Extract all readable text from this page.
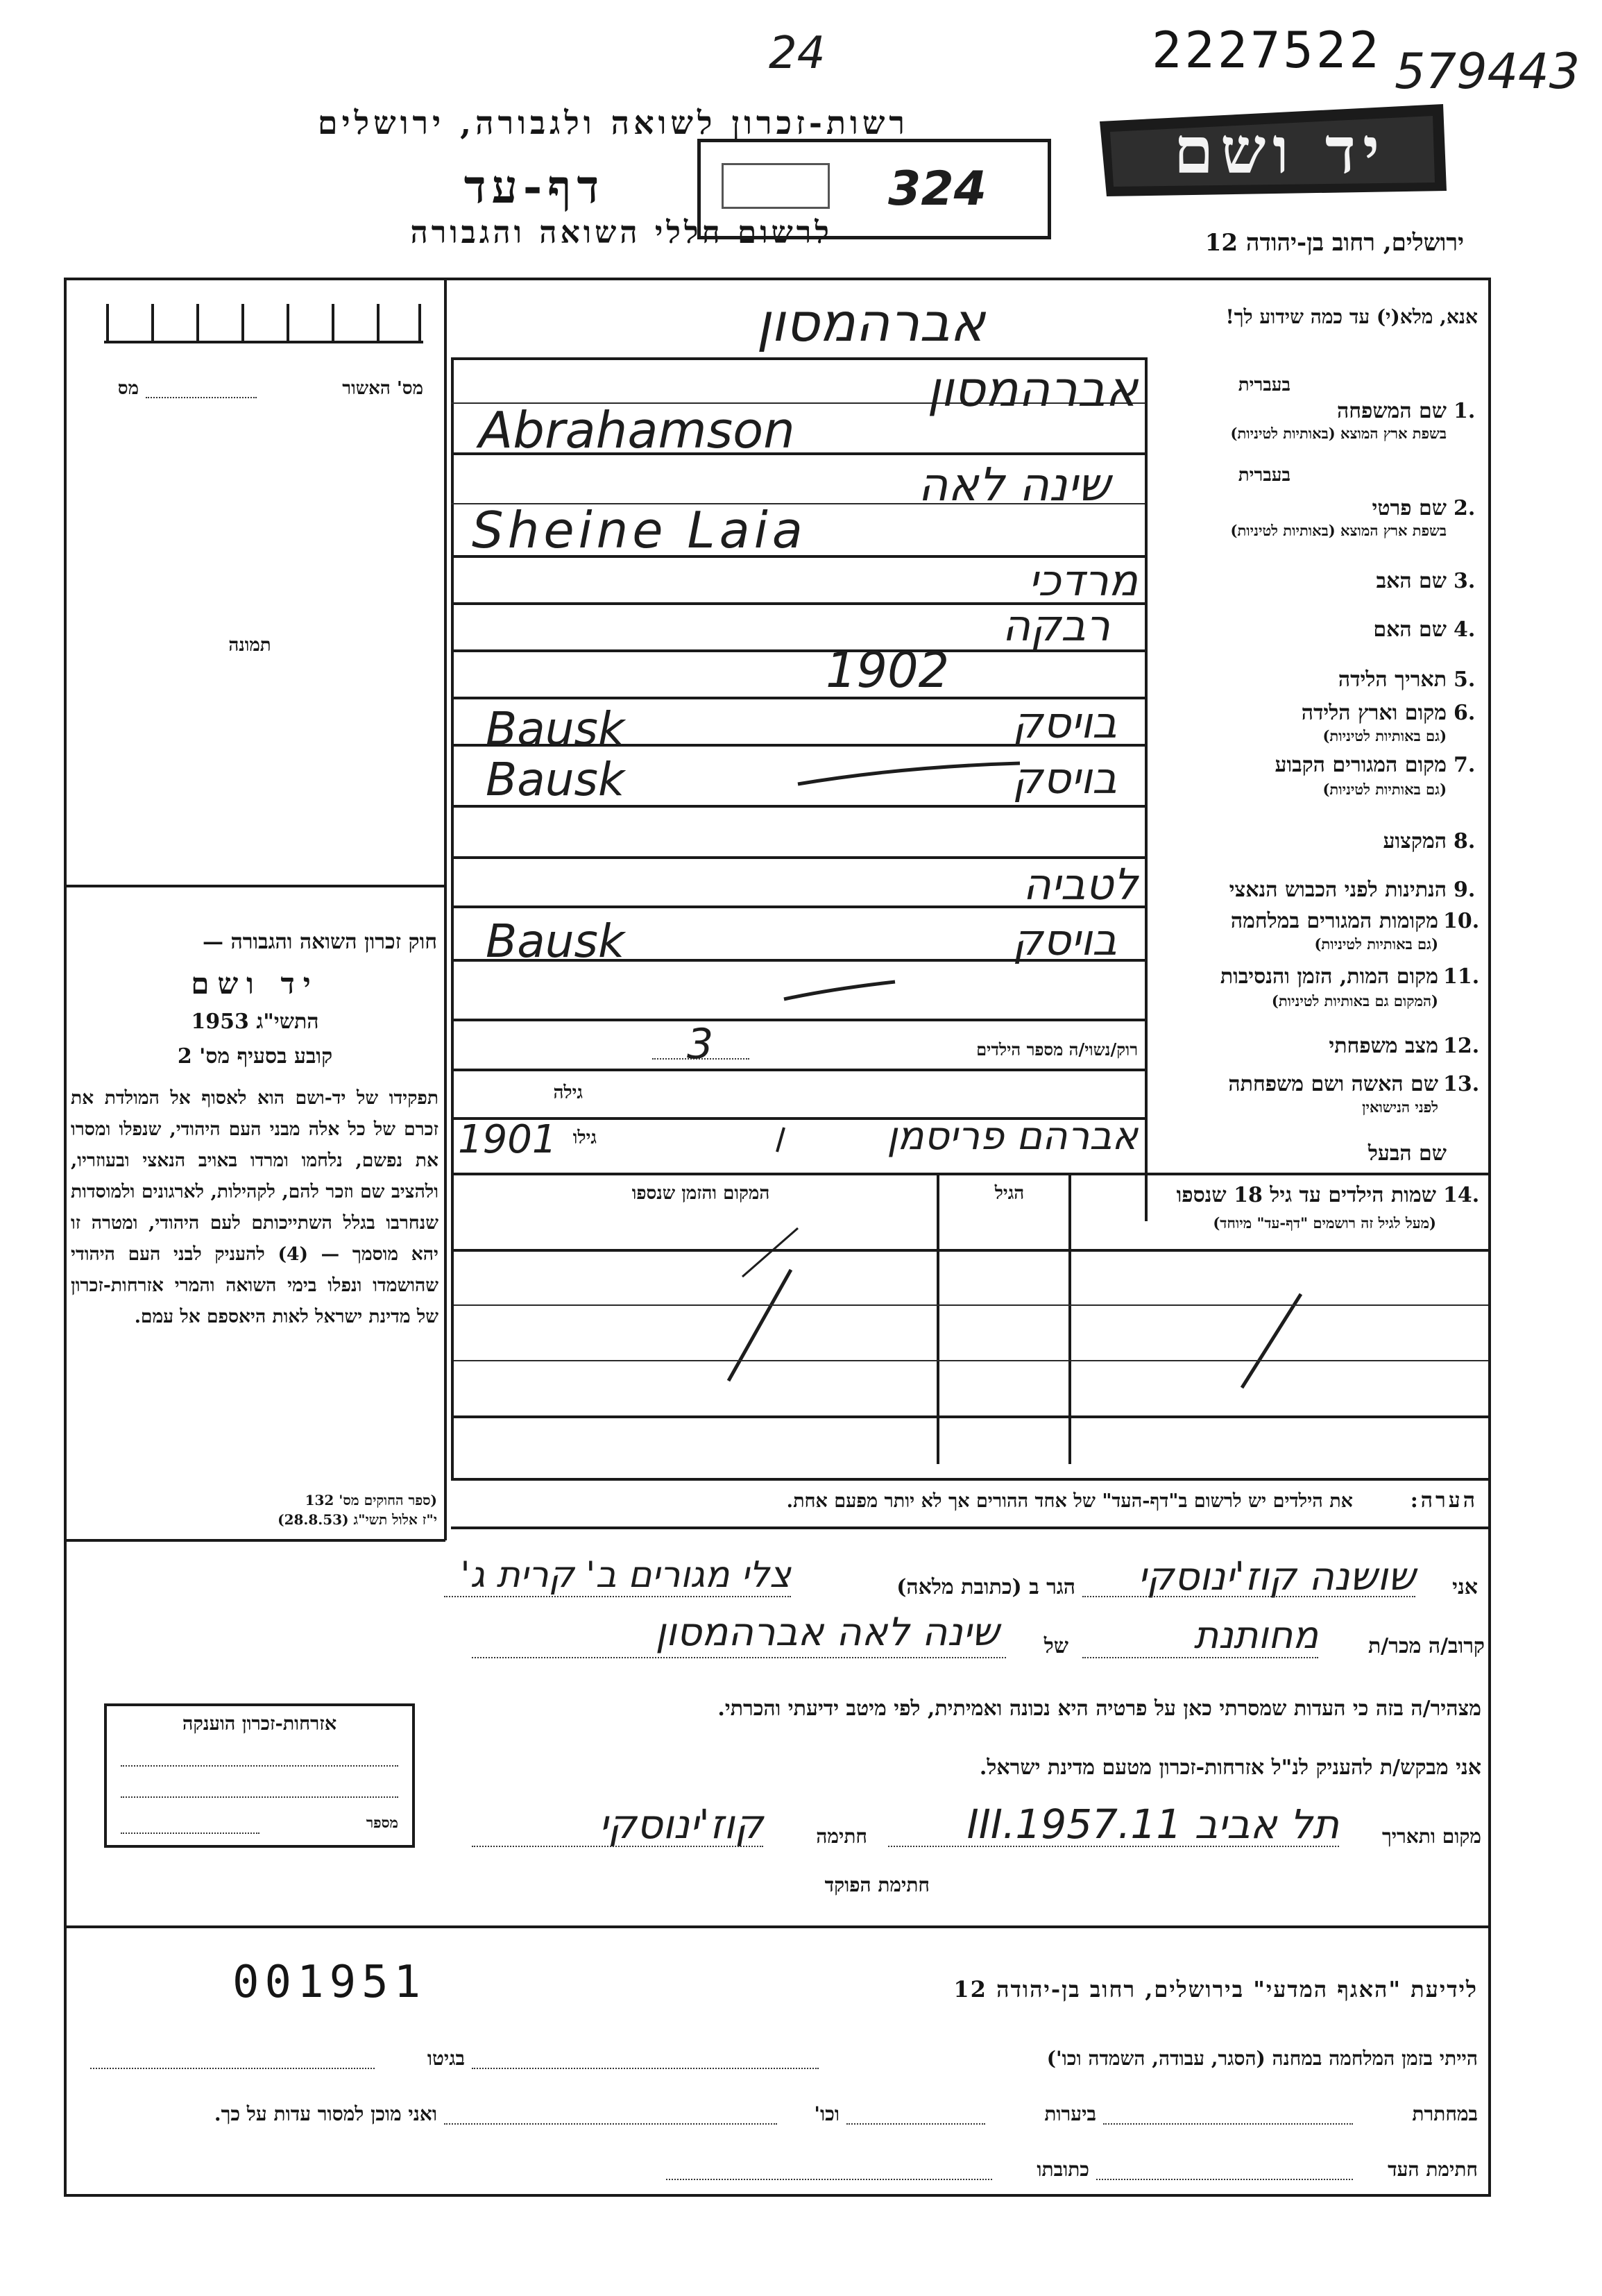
24	2227522 579443
רשות-זכרון לשואה ולגבורה, ירושלים
דף-עד
לרשום חללי השואה והגבורה
324
יד ושם
ירושלים, רחוב בן-יהודה 12
מס' האשור
מס
תמונה
חוק זכרון השואה והגבורה —
יד ושם
התשי"ג 1953
קובע בסעיף מס' 2
תפקידו של יד-ושם הוא לאסוף אל המולדת את זכרם של כל אלה מבני העם היהודי, שנפלו ומסרו את נפשם, נלחמו ומרדו באויב הנאצי ובעוזריו, ולהציב שם וזכר להם, לקהילות, לארגונים ולמוסדות שנחרבו בגלל השתייכותם לעם היהודי, ומטרה זו יהא מוסמך — (4) להעניק לבני העם היהודי שהושמדו ונפלו בימי השואה והמרי אזרחות-זכרון של מדינת ישראל לאות היאספם אל עמם.
(ספר החוקים מס' 132
י"ז אלול תשי"ג (28.8.53)
אנא, מלא(י) עד כמה שידוע לך!
אברהמסון
בעברית
1.
שם המשפחה
בשפת ארץ המוצא (באותיות לטיניות)
בעברית
2.
שם פרטי
בשפת ארץ המוצא (באותיות לטיניות)
3.
שם האב
4.
שם האם
5.
תאריך הלידה
6.
מקום וארץ הלידה
(גם באותיות לטיניות)
7.
מקום המגורים הקבוע
(גם באותיות לטיניות)
8.
המקצוע
9.
הנתינות לפני הכבוש הנאצי
10.
מקומות המגורים במלחמה
(גם באותיות לטיניות)
11.
מקום המות, הזמן והנסיבות
(המקום גם באותיות לטיניות)
12.
מצב משפחתי
13.
שם האשה ושם משפחתה
לפני הנישואין
שם הבעל
אברהמסון
Abrahamson
שינה לאה
Sheine Laia
מרדכי
רבקה
1902
בויסק
Bausk
בויסק
Bausk
לטביה
בויסק
Bausk
רוק/נשוי/ה מספר הילדים
3
גילה
אברהם פריסמן
גילו
1901
14.
שמות הילדים עד גיל 18 שנספו
(מעל לגיל זה רושמים "דף-עד" מיוחד)
הגיל
המקום והזמן שנספו
הערה:
את הילדים יש לרשום ב"דף-העד" של אחד ההורים אך לא יותר מפעם אחת.
אני
שושנה קוז'ינוסקי
הגר ב (כתובת מלאה)
צלי מגורים ב' קרית ג'
קרוב/ה מכר/ת
מחותנת
של
שינה לאה אברהמסון
מצהיר/ה בזה כי העדות שמסרתי כאן על פרטיה היא נכונה ואמיתית, לפי מיטב ידיעתי והכרתי.
אני מבקש/ת להעניק לנ"ל אזרחות-זכרון מטעם מדינת ישראל.
מקום ותאריך
תל אביב 11.III.1957
חתימה
קוז'ינוסקי
חתימת הפוקד
אזרחות-זכרון הוענקה
מספר
001951	לידיעת "האגף המדעי" בירושלים, רחוב בן-יהודה 12
הייתי בזמן המלחמה במחנה (הסגר, עבודה, השמדה וכו')
בגיטו
במחתרת
ביערות
וכו'
ואני מוכן למסור עדות על כך.
חתימת העד
כתובתו
